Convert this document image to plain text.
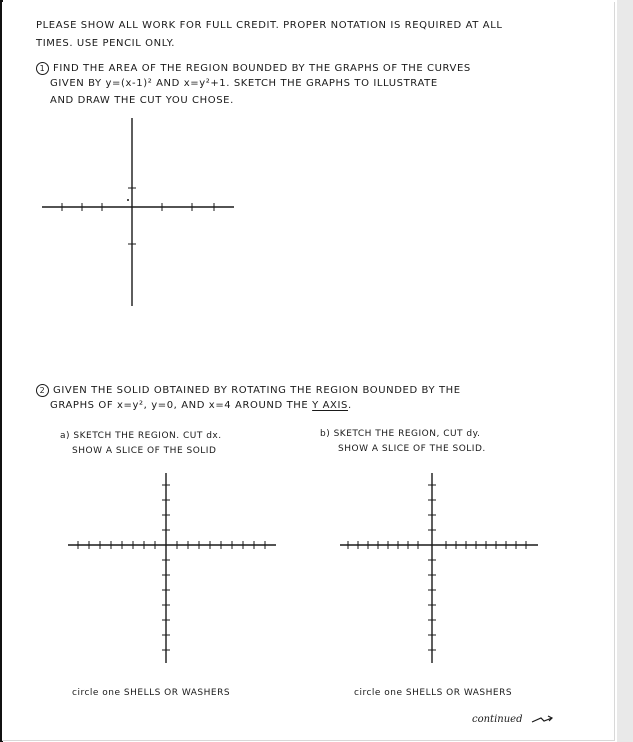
PLEASE SHOW ALL WORK FOR FULL CREDIT. PROPER NOTATION IS REQUIRED AT ALL
TIMES. USE PENCIL ONLY.
1 FIND THE AREA OF THE REGION BOUNDED BY THE GRAPHS OF THE CURVES
GIVEN BY y=(x-1)² AND x=y²+1. SKETCH THE GRAPHS TO ILLUSTRATE
AND DRAW THE CUT YOU CHOSE.
2 GIVEN THE SOLID OBTAINED BY ROTATING THE REGION BOUNDED BY THE
GRAPHS OF x=y², y=0, AND x=4 AROUND THE Y AXIS.
a) SKETCH THE REGION. CUT dx.
SHOW A SLICE OF THE SOLID
b) SKETCH THE REGION, CUT dy.
SHOW A SLICE OF THE SOLID.
circle one SHELLS OR WASHERS	circle one SHELLS OR WASHERS
continued
